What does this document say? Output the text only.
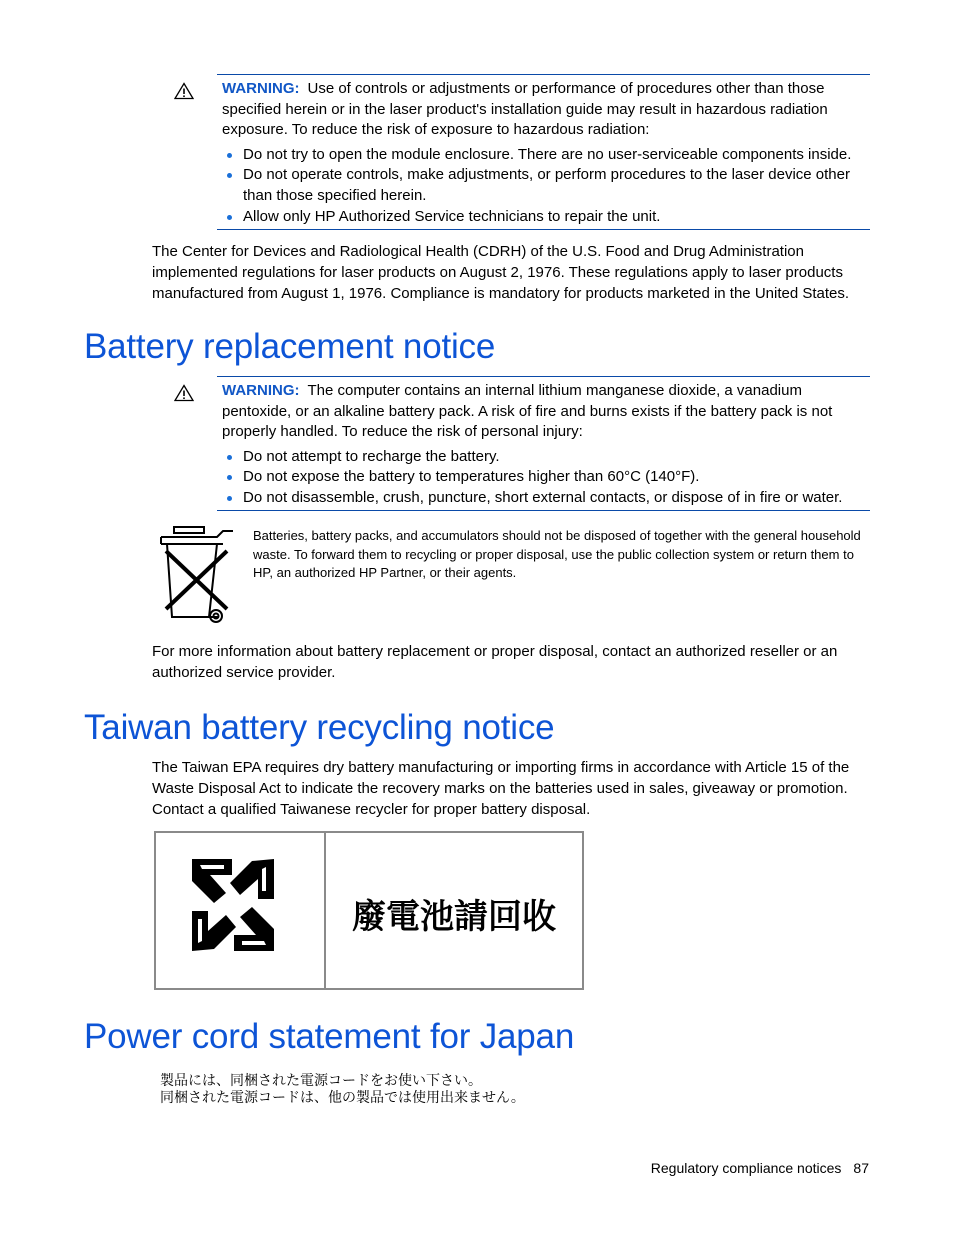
WARNING: Use of controls or adjustments or performance of procedures other than those specified herein or in the laser product's installation guide may result in hazardous radiation exposure. To reduce the risk of exposure to hazardous radiation:
Do not try to open the module enclosure. There are no user-serviceable components inside.
Do not operate controls, make adjustments, or perform procedures to the laser device other than those specified herein.
Allow only HP Authorized Service technicians to repair the unit.
The Center for Devices and Radiological Health (CDRH) of the U.S. Food and Drug Administration implemented regulations for laser products on August 2, 1976. These regulations apply to laser products manufactured from August 1, 1976. Compliance is mandatory for products marketed in the United States.
Battery replacement notice
WARNING: The computer contains an internal lithium manganese dioxide, a vanadium pentoxide, or an alkaline battery pack. A risk of fire and burns exists if the battery pack is not properly handled. To reduce the risk of personal injury:
Do not attempt to recharge the battery.
Do not expose the battery to temperatures higher than 60°C (140°F).
Do not disassemble, crush, puncture, short external contacts, or dispose of in fire or water.
Batteries, battery packs, and accumulators should not be disposed of together with the general household waste. To forward them to recycling or proper disposal, use the public collection system or return them to HP, an authorized HP Partner, or their agents.
For more information about battery replacement or proper disposal, contact an authorized reseller or an authorized service provider.
Taiwan battery recycling notice
The Taiwan EPA requires dry battery manufacturing or importing firms in accordance with Article 15 of the Waste Disposal Act to indicate the recovery marks on the batteries used in sales, giveaway or promotion. Contact a qualified Taiwanese recycler for proper battery disposal.
廢電池請回收
Power cord statement for Japan
製品には、同梱された電源コードをお使い下さい。
同梱された電源コードは、他の製品では使用出来ません。
Regulatory compliance notices 87
